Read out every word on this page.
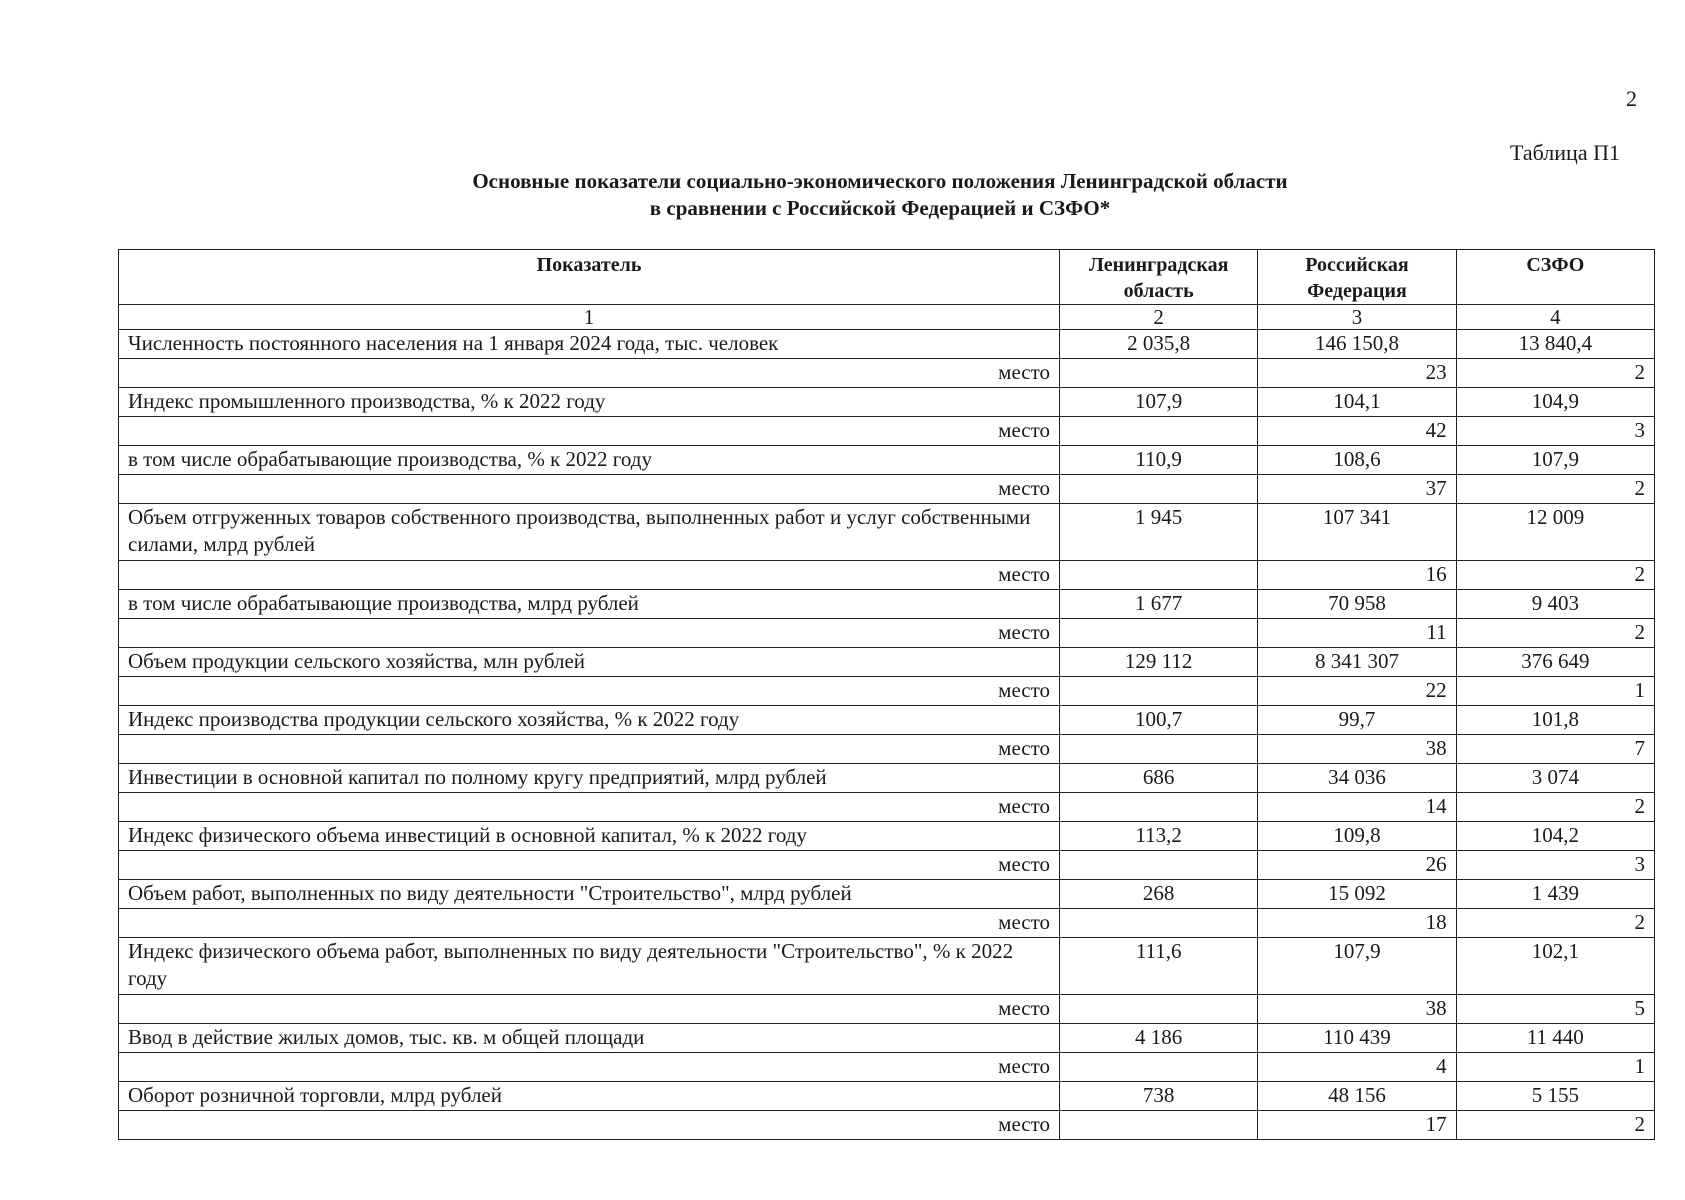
2
Таблица П1
Основные показатели социально-экономического положения Ленинградской области
в сравнении с Российской Федерацией и СЗФО*
Показатель	Ленинградская область	Российская Федерация	СЗФО
1	2	3	4
Численность постоянного населения на 1 января 2024 года, тыс. человек	2 035,8	146 150,8	13 840,4
место		23	2
Индекс промышленного производства, % к 2022 году	107,9	104,1	104,9
место		42	3
в том числе обрабатывающие производства, % к 2022 году	110,9	108,6	107,9
место		37	2
Объем отгруженных товаров собственного производства, выполненных работ и услуг собственными силами, млрд рублей	1 945	107 341	12 009
место		16	2
в том числе обрабатывающие производства, млрд рублей	1 677	70 958	9 403
место		11	2
Объем продукции сельского хозяйства, млн рублей	129 112	8 341 307	376 649
место		22	1
Индекс производства продукции сельского хозяйства, % к 2022 году	100,7	99,7	101,8
место		38	7
Инвестиции в основной капитал по полному кругу предприятий, млрд рублей	686	34 036	3 074
место		14	2
Индекс физического объема инвестиций в основной капитал, % к 2022 году	113,2	109,8	104,2
место		26	3
Объем работ, выполненных по виду деятельности "Строительство", млрд рублей	268	15 092	1 439
место		18	2
Индекс физического объема работ, выполненных по виду деятельности "Строительство", % к 2022 году	111,6	107,9	102,1
место		38	5
Ввод в действие жилых домов, тыс. кв. м общей площади	4 186	110 439	11 440
место		4	1
Оборот розничной торговли, млрд рублей	738	48 156	5 155
место		17	2
